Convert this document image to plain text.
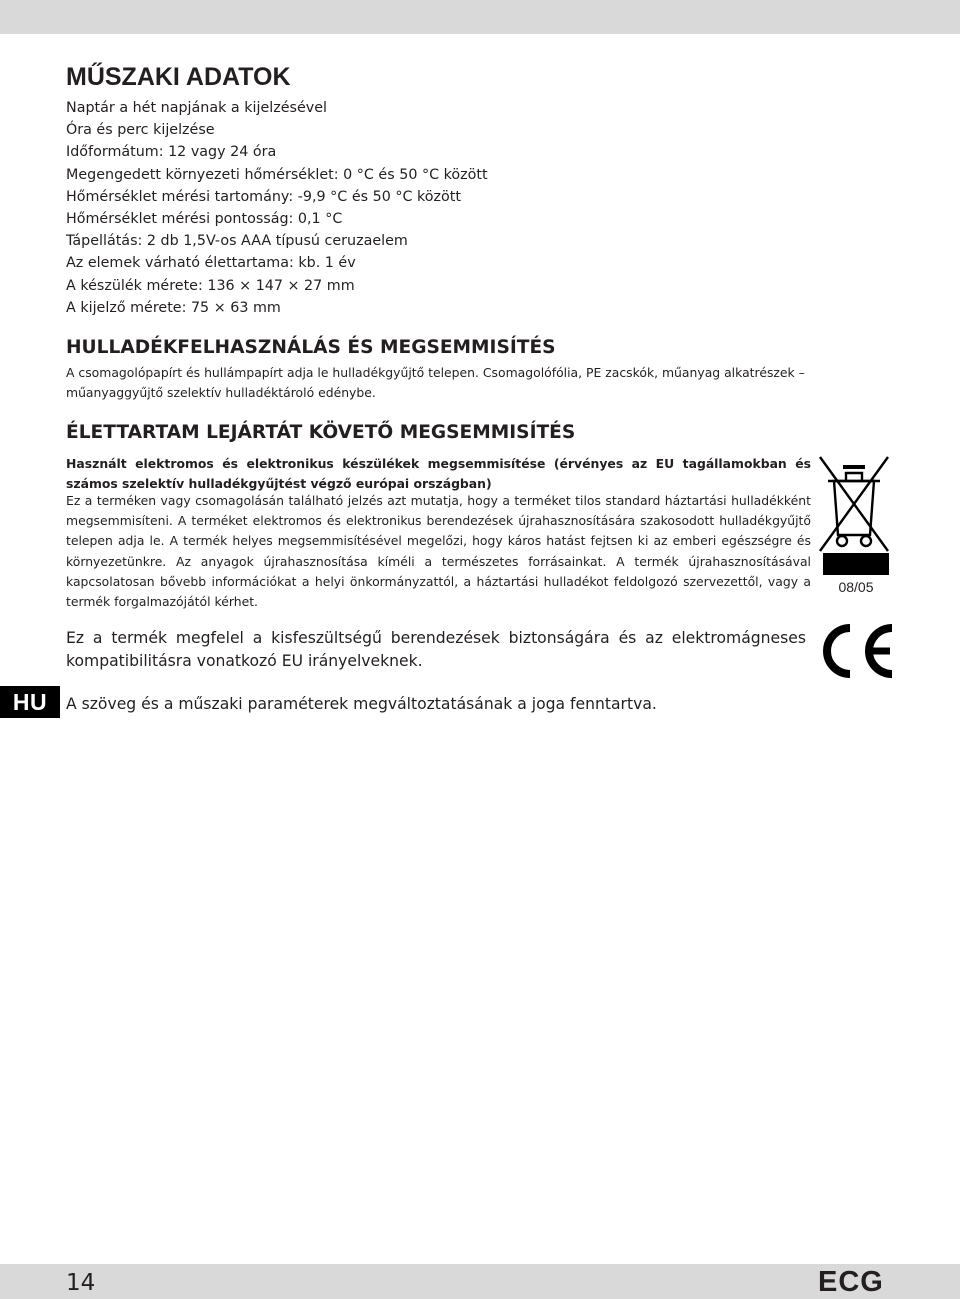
MŰSZAKI ADATOK
Naptár a hét napjának a kijelzésével
Óra és perc kijelzése
Időformátum: 12 vagy 24 óra
Megengedett környezeti hőmérséklet: 0 °C és 50 °C között
Hőmérséklet mérési tartomány: -9,9 °C és 50 °C között
Hőmérséklet mérési pontosság: 0,1 °C
Tápellátás: 2 db 1,5V-os AAA típusú ceruzaelem
Az elemek várható élettartama: kb. 1 év
A készülék mérete: 136 × 147 × 27 mm
A kijelző mérete: 75 × 63 mm
HULLADÉKFELHASZNÁLÁS ÉS MEGSEMMISÍTÉS
A csomagolópapírt és hullámpapírt adja le hulladékgyűjtő telepen. Csomagolófólia, PE zacskók, műanyag alkatrészek – műanyaggyűjtő szelektív hulladéktároló edénybe.
ÉLETTARTAM LEJÁRTÁT KÖVETŐ MEGSEMMISÍTÉS
Használt elektromos és elektronikus készülékek megsemmisítése (érvényes az EU tagállamokban és számos szelektív hulladékgyűjtést végző európai országban)
Ez a terméken vagy csomagolásán található jelzés azt mutatja, hogy a terméket tilos standard háztartási hulladékként megsemmisíteni. A terméket elektromos és elektronikus berendezések újrahasznosítására szakosodott hulladékgyűjtő telepen adja le. A termék helyes megsemmisítésével megelőzi, hogy káros hatást fejtsen ki az emberi egészségre és környezetünkre. Az anyagok újrahasznosítása kíméli a természetes forrásainkat. A termék újrahasznosításával kapcsolatosan bővebb információkat a helyi önkormányzattól, a háztartási hulladékot feldolgozó szervezettől, vagy a termék forgalmazójától kérhet.
08/05
Ez a termék megfelel a kisfeszültségű berendezések biztonságára és az elektromágneses kompatibilitásra vonatkozó EU irányelveknek.
HU	A szöveg és a műszaki paraméterek megváltoztatásának a joga fenntartva.
14	ECG
